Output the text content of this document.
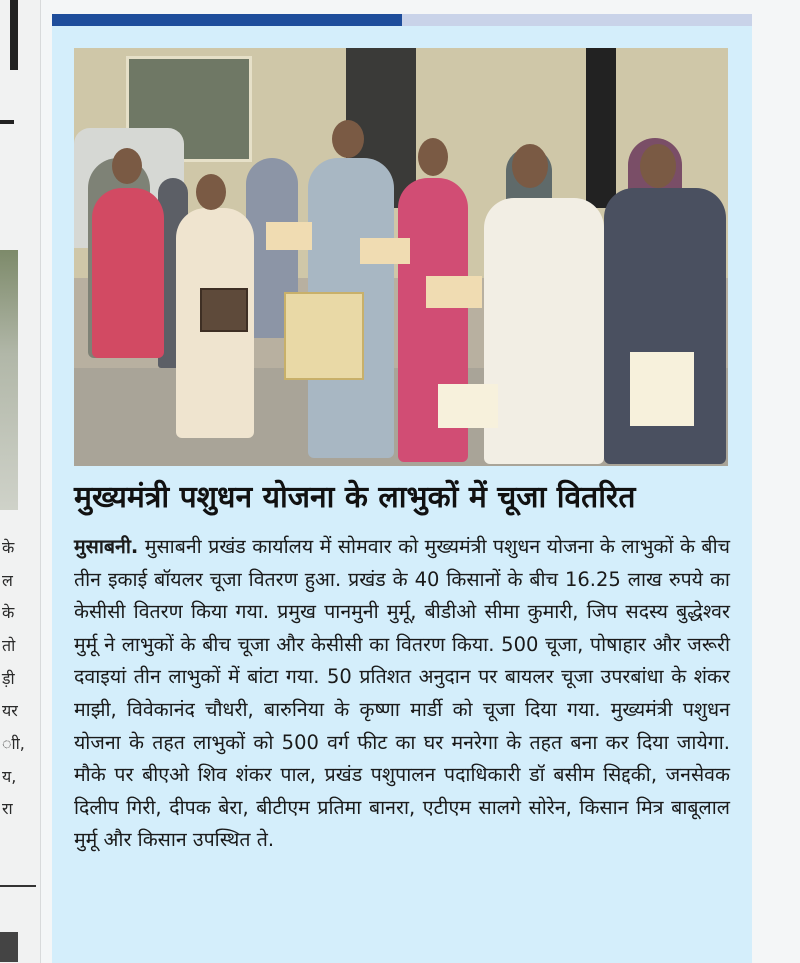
के
ल
के
तो
ड़ी
यर
ाी,
य,
रा
मुख्यमंत्री पशुधन योजना के लाभुकों में चूजा वितरित

मुसाबनी. मुसाबनी प्रखंड कार्यालय में सोमवार को मुख्यमंत्री पशुधन योजना के लाभुकों के बीच तीन इकाई बॉयलर चूजा वितरण हुआ. प्रखंड के 40 किसानों के बीच 16.25 लाख रुपये का केसीसी वितरण किया गया. प्रमुख पानमुनी मुर्मू, बीडीओ सीमा कुमारी, जिप सदस्य बुद्धेश्वर मुर्मू ने लाभुकों के बीच चूजा और केसीसी का वितरण किया. 500 चूजा, पोषाहार और जरूरी दवाइयां तीन लाभुकों में बांटा गया. 50 प्रतिशत अनुदान पर बायलर चूजा उपरबांधा के शंकर माझी, विवेकानंद चौधरी, बारुनिया के कृष्णा मार्डी को चूजा दिया गया. मुख्यमंत्री पशुधन योजना के तहत लाभुकों को 500 वर्ग फीट का घर मनरेगा के तहत बना कर दिया जायेगा. मौके पर बीएओ शिव शंकर पाल, प्रखंड पशुपालन पदाधिकारी डॉ बसीम सिद्दकी, जनसेवक दिलीप गिरी, दीपक बेरा, बीटीएम प्रतिमा बानरा, एटीएम सालगे सोरेन, किसान मित्र बाबूलाल मुर्मू और किसान उपस्थित ते.
